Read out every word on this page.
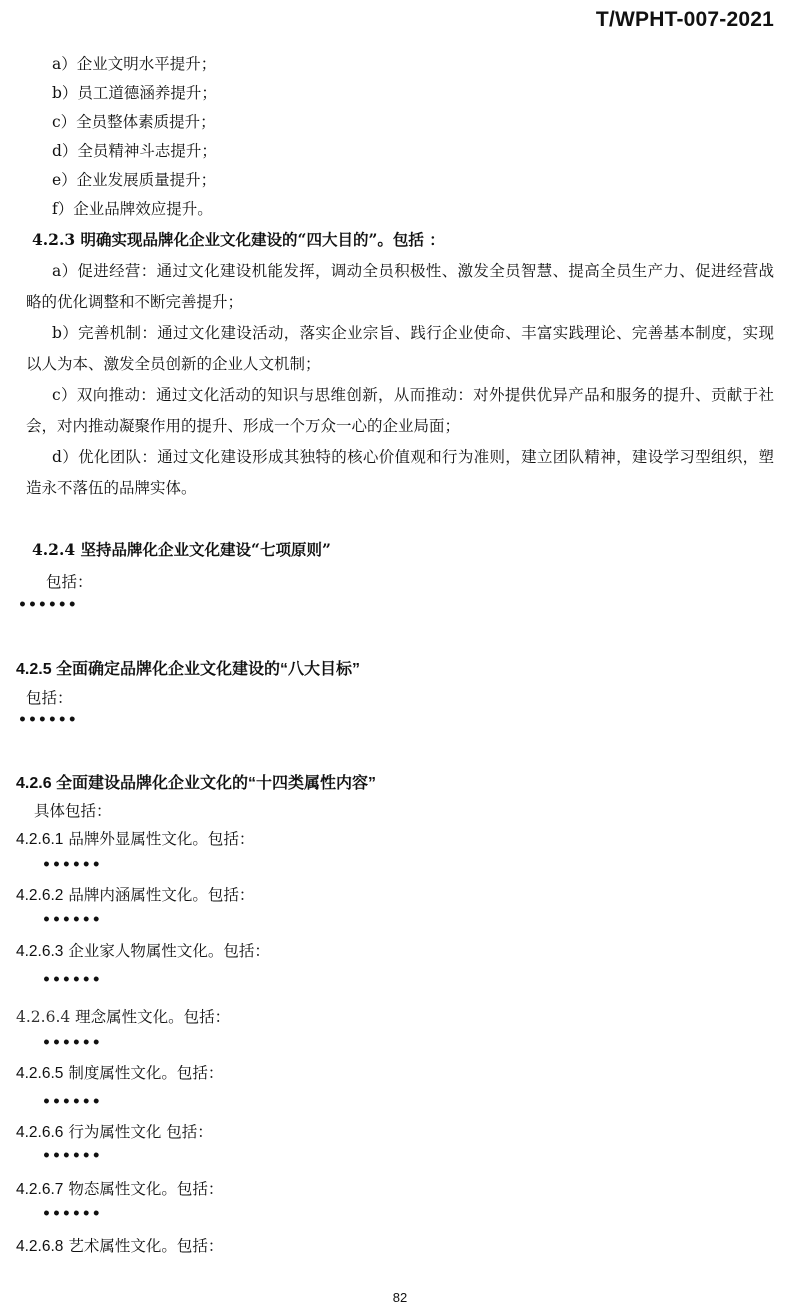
T/WPHT-007-2021
a）企业文明水平提升；
b）员工道德涵养提升；
c）全员整体素质提升；
d）全员精神斗志提升；
e）企业发展质量提升；
f）企业品牌效应提升。
4.2.3 明确实现品牌化企业文化建设的“四大目的”。包括 ：
a）促进经营：通过文化建设机能发挥，调动全员积极性、激发全员智慧、提高全员生产力、促进经营战略的优化调整和不断完善提升；
b）完善机制：通过文化建设活动，落实企业宗旨、践行企业使命、丰富实践理论、完善基本制度，实现以人为本、激发全员创新的企业人文机制；
c）双向推动：通过文化活动的知识与思维创新，从而推动：对外提供优异产品和服务的提升、贡献于社会，对内推动凝聚作用的提升、形成一个万众一心的企业局面；
d）优化团队：通过文化建设形成其独特的核心价值观和行为准则，建立团队精神，建设学习型组织，塑造永不落伍的品牌实体。
4.2.4 坚持品牌化企业文化建设“七项原则”
包括：
••••••
4.2.5 全面确定品牌化企业文化建设的“八大目标”
包括：
••••••
4.2.6 全面建设品牌化企业文化的“十四类属性内容”
具体包括：
4.2.6.1 品牌外显属性文化。包括：
••••••
4.2.6.2 品牌内涵属性文化。包括：
••••••
4.2.6.3 企业家人物属性文化。包括：
••••••
4.2.6.4 理念属性文化。包括：
••••••
4.2.6.5 制度属性文化。包括：
••••••
4.2.6.6 行为属性文化 包括：
••••••
4.2.6.7 物态属性文化。包括：
••••••
4.2.6.8 艺术属性文化。包括：
82
